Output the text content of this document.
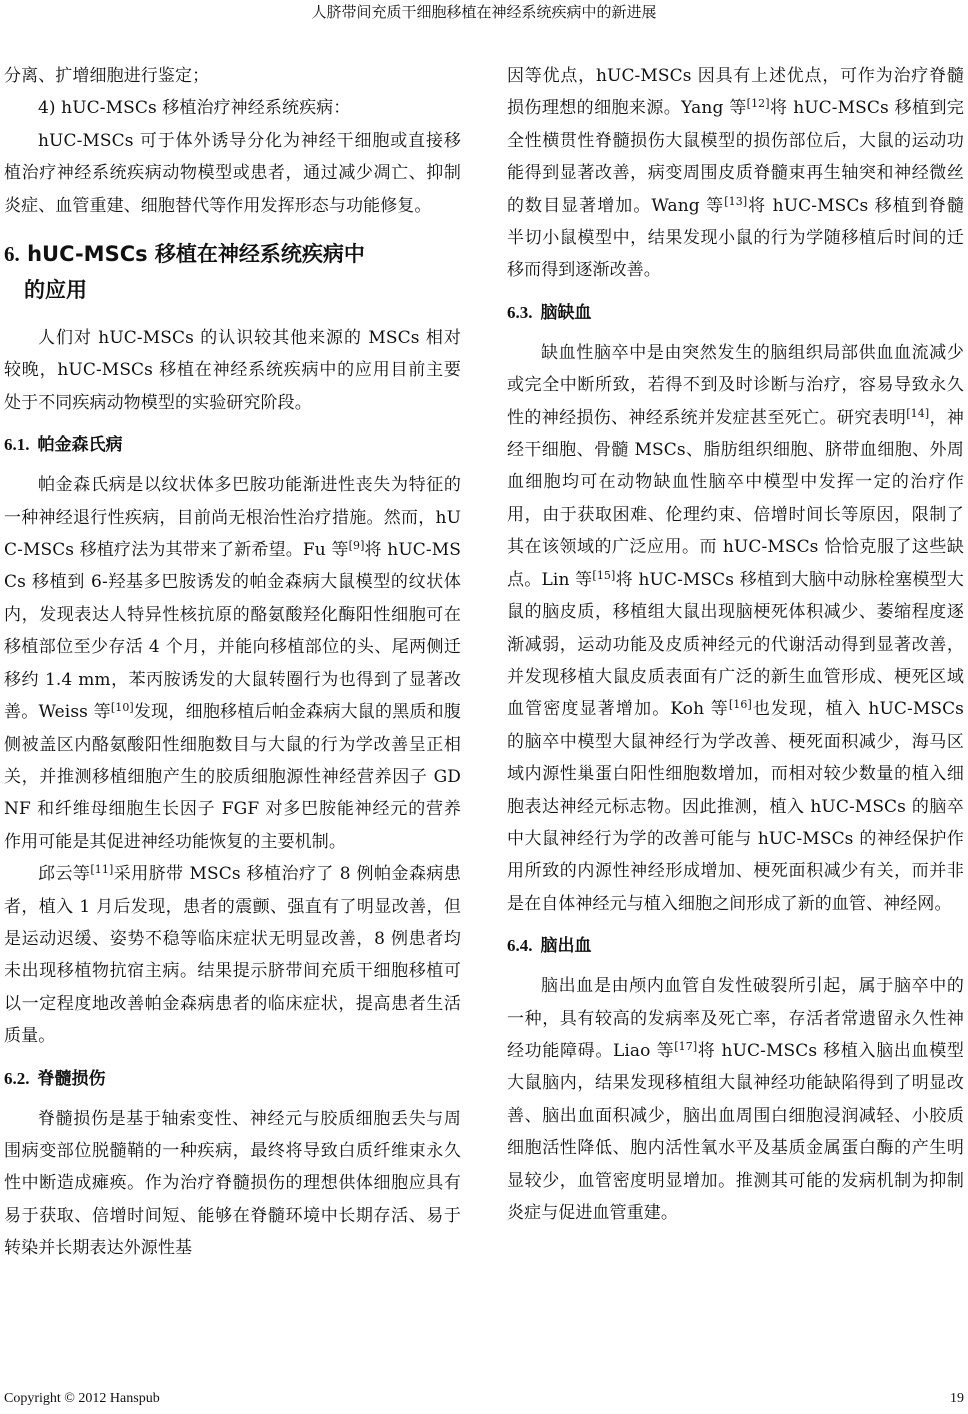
人脐带间充质干细胞移植在神经系统疾病中的新进展

分离、扩增细胞进行鉴定；

4) hUC-MSCs 移植治疗神经系统疾病：

hUC-MSCs 可于体外诱导分化为神经干细胞或直接移植治疗神经系统疾病动物模型或患者，通过减少凋亡、抑制炎症、血管重建、细胞替代等作用发挥形态与功能修复。

6. hUC-MSCs 移植在神经系统疾病中
的应用

人们对 hUC-MSCs 的认识较其他来源的 MSCs 相对较晚，hUC-MSCs 移植在神经系统疾病中的应用目前主要处于不同疾病动物模型的实验研究阶段。

6.1. 帕金森氏病

帕金森氏病是以纹状体多巴胺功能渐进性丧失为特征的一种神经退行性疾病，目前尚无根治性治疗措施。然而，hUC-MSCs 移植疗法为其带来了新希望。Fu 等[9]将 hUC-MSCs 移植到 6-羟基多巴胺诱发的帕金森病大鼠模型的纹状体内，发现表达人特异性核抗原的酪氨酸羟化酶阳性细胞可在移植部位至少存活 4 个月，并能向移植部位的头、尾两侧迁移约 1.4 mm，苯丙胺诱发的大鼠转圈行为也得到了显著改善。Weiss 等[10]发现，细胞移植后帕金森病大鼠的黑质和腹侧被盖区内酪氨酸阳性细胞数目与大鼠的行为学改善呈正相关，并推测移植细胞产生的胶质细胞源性神经营养因子 GDNF 和纤维母细胞生长因子 FGF 对多巴胺能神经元的营养作用可能是其促进神经功能恢复的主要机制。

邱云等[11]采用脐带 MSCs 移植治疗了 8 例帕金森病患者，植入 1 月后发现，患者的震颤、强直有了明显改善，但是运动迟缓、姿势不稳等临床症状无明显改善，8 例患者均未出现移植物抗宿主病。结果提示脐带间充质干细胞移植可以一定程度地改善帕金森病患者的临床症状，提高患者生活质量。

6.2. 脊髓损伤

脊髓损伤是基于轴索变性、神经元与胶质细胞丢失与周围病变部位脱髓鞘的一种疾病，最终将导致白质纤维束永久性中断造成瘫痪。作为治疗脊髓损伤的理想供体细胞应具有易于获取、倍增时间短、能够在脊髓环境中长期存活、易于转染并长期表达外源性基

因等优点，hUC-MSCs 因具有上述优点，可作为治疗脊髓损伤理想的细胞来源。Yang 等[12]将 hUC-MSCs 移植到完全性横贯性脊髓损伤大鼠模型的损伤部位后，大鼠的运动功能得到显著改善，病变周围皮质脊髓束再生轴突和神经微丝的数目显著增加。Wang 等[13]将 hUC-MSCs 移植到脊髓半切小鼠模型中，结果发现小鼠的行为学随移植后时间的迁移而得到逐渐改善。

6.3. 脑缺血

缺血性脑卒中是由突然发生的脑组织局部供血血流减少或完全中断所致，若得不到及时诊断与治疗，容易导致永久性的神经损伤、神经系统并发症甚至死亡。研究表明[14]，神经干细胞、骨髓 MSCs、脂肪组织细胞、脐带血细胞、外周血细胞均可在动物缺血性脑卒中模型中发挥一定的治疗作用，由于获取困难、伦理约束、倍增时间长等原因，限制了其在该领域的广泛应用。而 hUC-MSCs 恰恰克服了这些缺点。Lin 等[15]将 hUC-MSCs 移植到大脑中动脉栓塞模型大鼠的脑皮质，移植组大鼠出现脑梗死体积减少、萎缩程度逐渐减弱，运动功能及皮质神经元的代谢活动得到显著改善，并发现移植大鼠皮质表面有广泛的新生血管形成、梗死区域血管密度显著增加。Koh 等[16]也发现，植入 hUC-MSCs 的脑卒中模型大鼠神经行为学改善、梗死面积减少，海马区域内源性巢蛋白阳性细胞数增加，而相对较少数量的植入细胞表达神经元标志物。因此推测，植入 hUC-MSCs 的脑卒中大鼠神经行为学的改善可能与 hUC-MSCs 的神经保护作用所致的内源性神经形成增加、梗死面积减少有关，而并非是在自体神经元与植入细胞之间形成了新的血管、神经网。

6.4. 脑出血

脑出血是由颅内血管自发性破裂所引起，属于脑卒中的一种，具有较高的发病率及死亡率，存活者常遗留永久性神经功能障碍。Liao 等[17]将 hUC-MSCs 移植入脑出血模型大鼠脑内，结果发现移植组大鼠神经功能缺陷得到了明显改善、脑出血面积减少，脑出血周围白细胞浸润减轻、小胶质细胞活性降低、胞内活性氧水平及基质金属蛋白酶的产生明显较少，血管密度明显增加。推测其可能的发病机制为抑制炎症与促进血管重建。

Copyright © 2012 Hanspub	19
